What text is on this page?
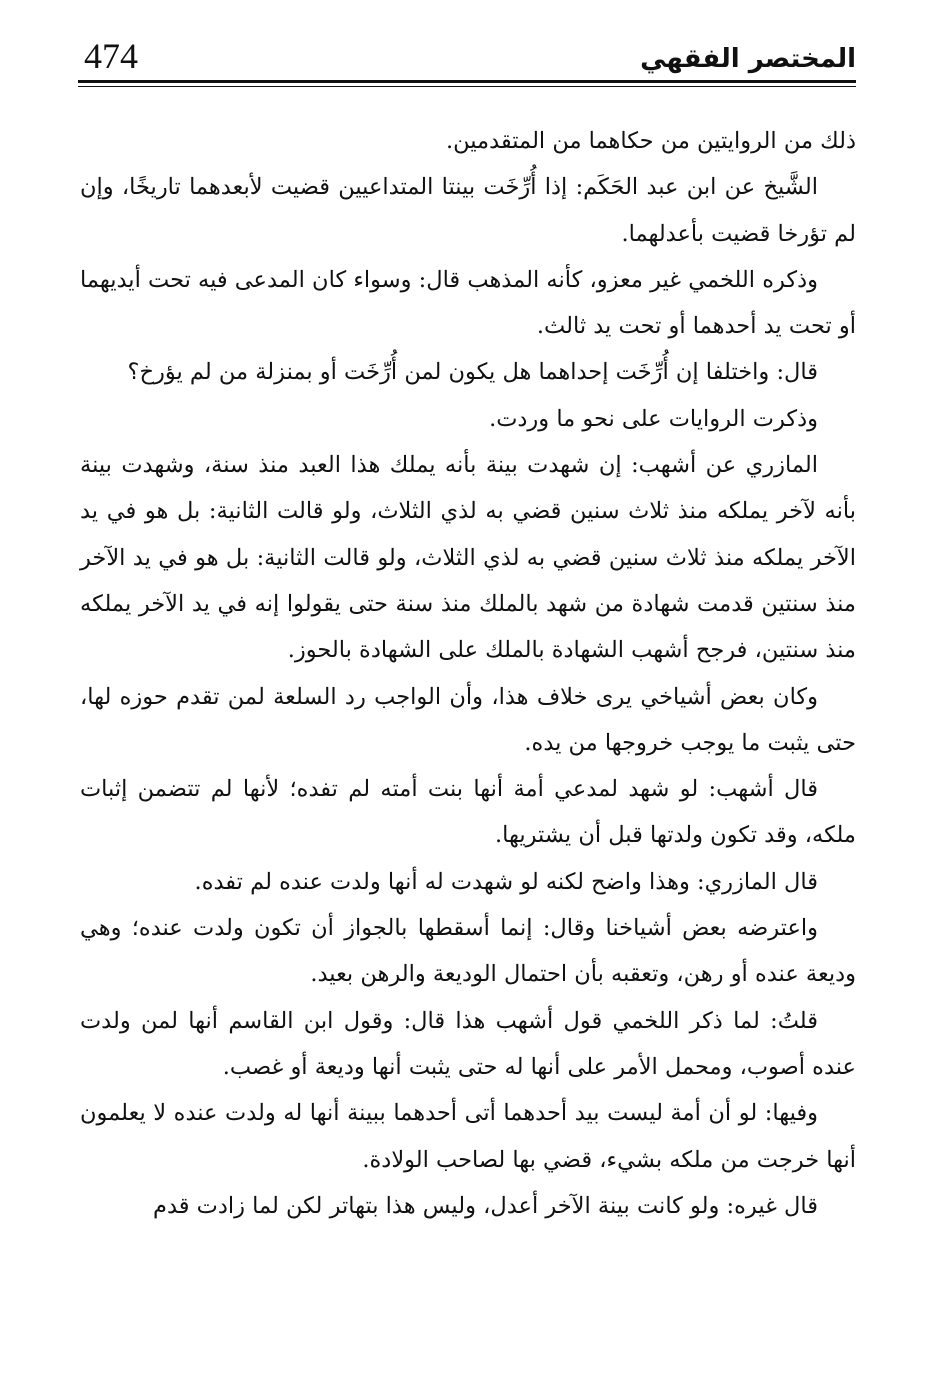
474	المختصر الفقهي

ذلك من الروايتين من حكاهما من المتقدمين.

الشَّيخ عن ابن عبد الحَكَم: إذا أُرِّخَت بينتا المتداعيين قضيت لأبعدهما تاريخًا، وإن لم تؤرخا قضيت بأعدلهما.

وذكره اللخمي غير معزو، كأنه المذهب قال: وسواء كان المدعى فيه تحت أيديهما أو تحت يد أحدهما أو تحت يد ثالث.

قال: واختلفا إن أُرِّخَت إحداهما هل يكون لمن أُرِّخَت أو بمنزلة من لم يؤرخ؟

وذكرت الروايات على نحو ما وردت.

المازري عن أشهب: إن شهدت بينة بأنه يملك هذا العبد منذ سنة، وشهدت بينة بأنه لآخر يملكه منذ ثلاث سنين قضي به لذي الثلاث، ولو قالت الثانية: بل هو في يد الآخر يملكه منذ ثلاث سنين قضي به لذي الثلاث، ولو قالت الثانية: بل هو في يد الآخر منذ سنتين قدمت شهادة من شهد بالملك منذ سنة حتى يقولوا إنه في يد الآخر يملكه منذ سنتين، فرجح أشهب الشهادة بالملك على الشهادة بالحوز.

وكان بعض أشياخي يرى خلاف هذا، وأن الواجب رد السلعة لمن تقدم حوزه لها، حتى يثبت ما يوجب خروجها من يده.

قال أشهب: لو شهد لمدعي أمة أنها بنت أمته لم تفده؛ لأنها لم تتضمن إثبات ملكه، وقد تكون ولدتها قبل أن يشتريها.

قال المازري: وهذا واضح لكنه لو شهدت له أنها ولدت عنده لم تفده.

واعترضه بعض أشياخنا وقال: إنما أسقطها بالجواز أن تكون ولدت عنده؛ وهي وديعة عنده أو رهن، وتعقبه بأن احتمال الوديعة والرهن بعيد.

قلتُ: لما ذكر اللخمي قول أشهب هذا قال: وقول ابن القاسم أنها لمن ولدت عنده أصوب، ومحمل الأمر على أنها له حتى يثبت أنها وديعة أو غصب.

وفيها: لو أن أمة ليست بيد أحدهما أتى أحدهما ببينة أنها له ولدت عنده لا يعلمون أنها خرجت من ملكه بشيء، قضي بها لصاحب الولادة.

قال غيره: ولو كانت بينة الآخر أعدل، وليس هذا بتهاتر لكن لما زادت قدم
